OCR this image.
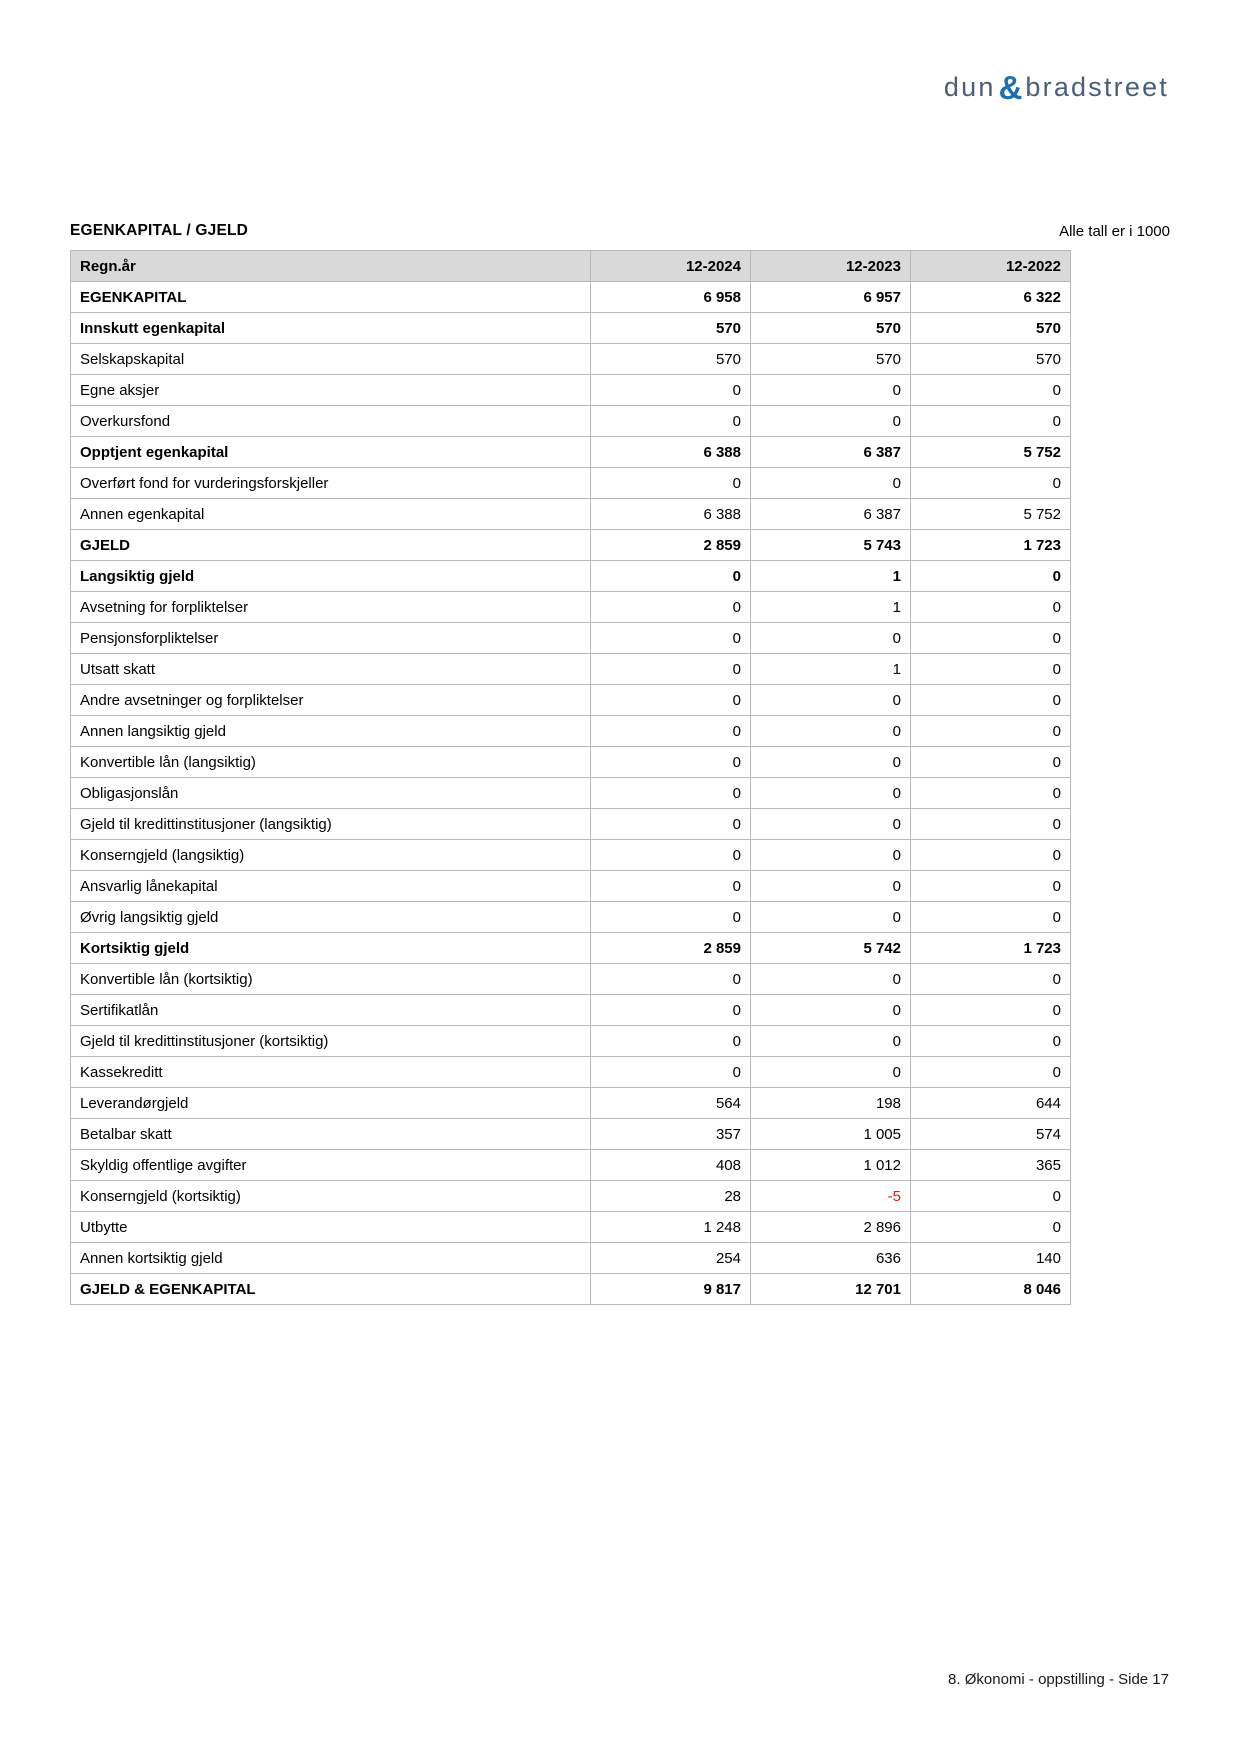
dun & bradstreet
EGENKAPITAL / GJELD	Alle tall er i 1000
Regn.år	12-2024	12-2023	12-2022
EGENKAPITAL	6 958	6 957	6 322
Innskutt egenkapital	570	570	570
Selskapskapital	570	570	570
Egne aksjer	0	0	0
Overkursfond	0	0	0
Opptjent egenkapital	6 388	6 387	5 752
Overført fond for vurderingsforskjeller	0	0	0
Annen egenkapital	6 388	6 387	5 752
GJELD	2 859	5 743	1 723
Langsiktig gjeld	0	1	0
Avsetning for forpliktelser	0	1	0
Pensjonsforpliktelser	0	0	0
Utsatt skatt	0	1	0
Andre avsetninger og forpliktelser	0	0	0
Annen langsiktig gjeld	0	0	0
Konvertible lån (langsiktig)	0	0	0
Obligasjonslån	0	0	0
Gjeld til kredittinstitusjoner (langsiktig)	0	0	0
Konserngjeld (langsiktig)	0	0	0
Ansvarlig lånekapital	0	0	0
Øvrig langsiktig gjeld	0	0	0
Kortsiktig gjeld	2 859	5 742	1 723
Konvertible lån (kortsiktig)	0	0	0
Sertifikatlån	0	0	0
Gjeld til kredittinstitusjoner (kortsiktig)	0	0	0
Kassekreditt	0	0	0
Leverandørgjeld	564	198	644
Betalbar skatt	357	1 005	574
Skyldig offentlige avgifter	408	1 012	365
Konserngjeld (kortsiktig)	28	-5	0
Utbytte	1 248	2 896	0
Annen kortsiktig gjeld	254	636	140
GJELD & EGENKAPITAL	9 817	12 701	8 046
8. Økonomi - oppstilling - Side 17
